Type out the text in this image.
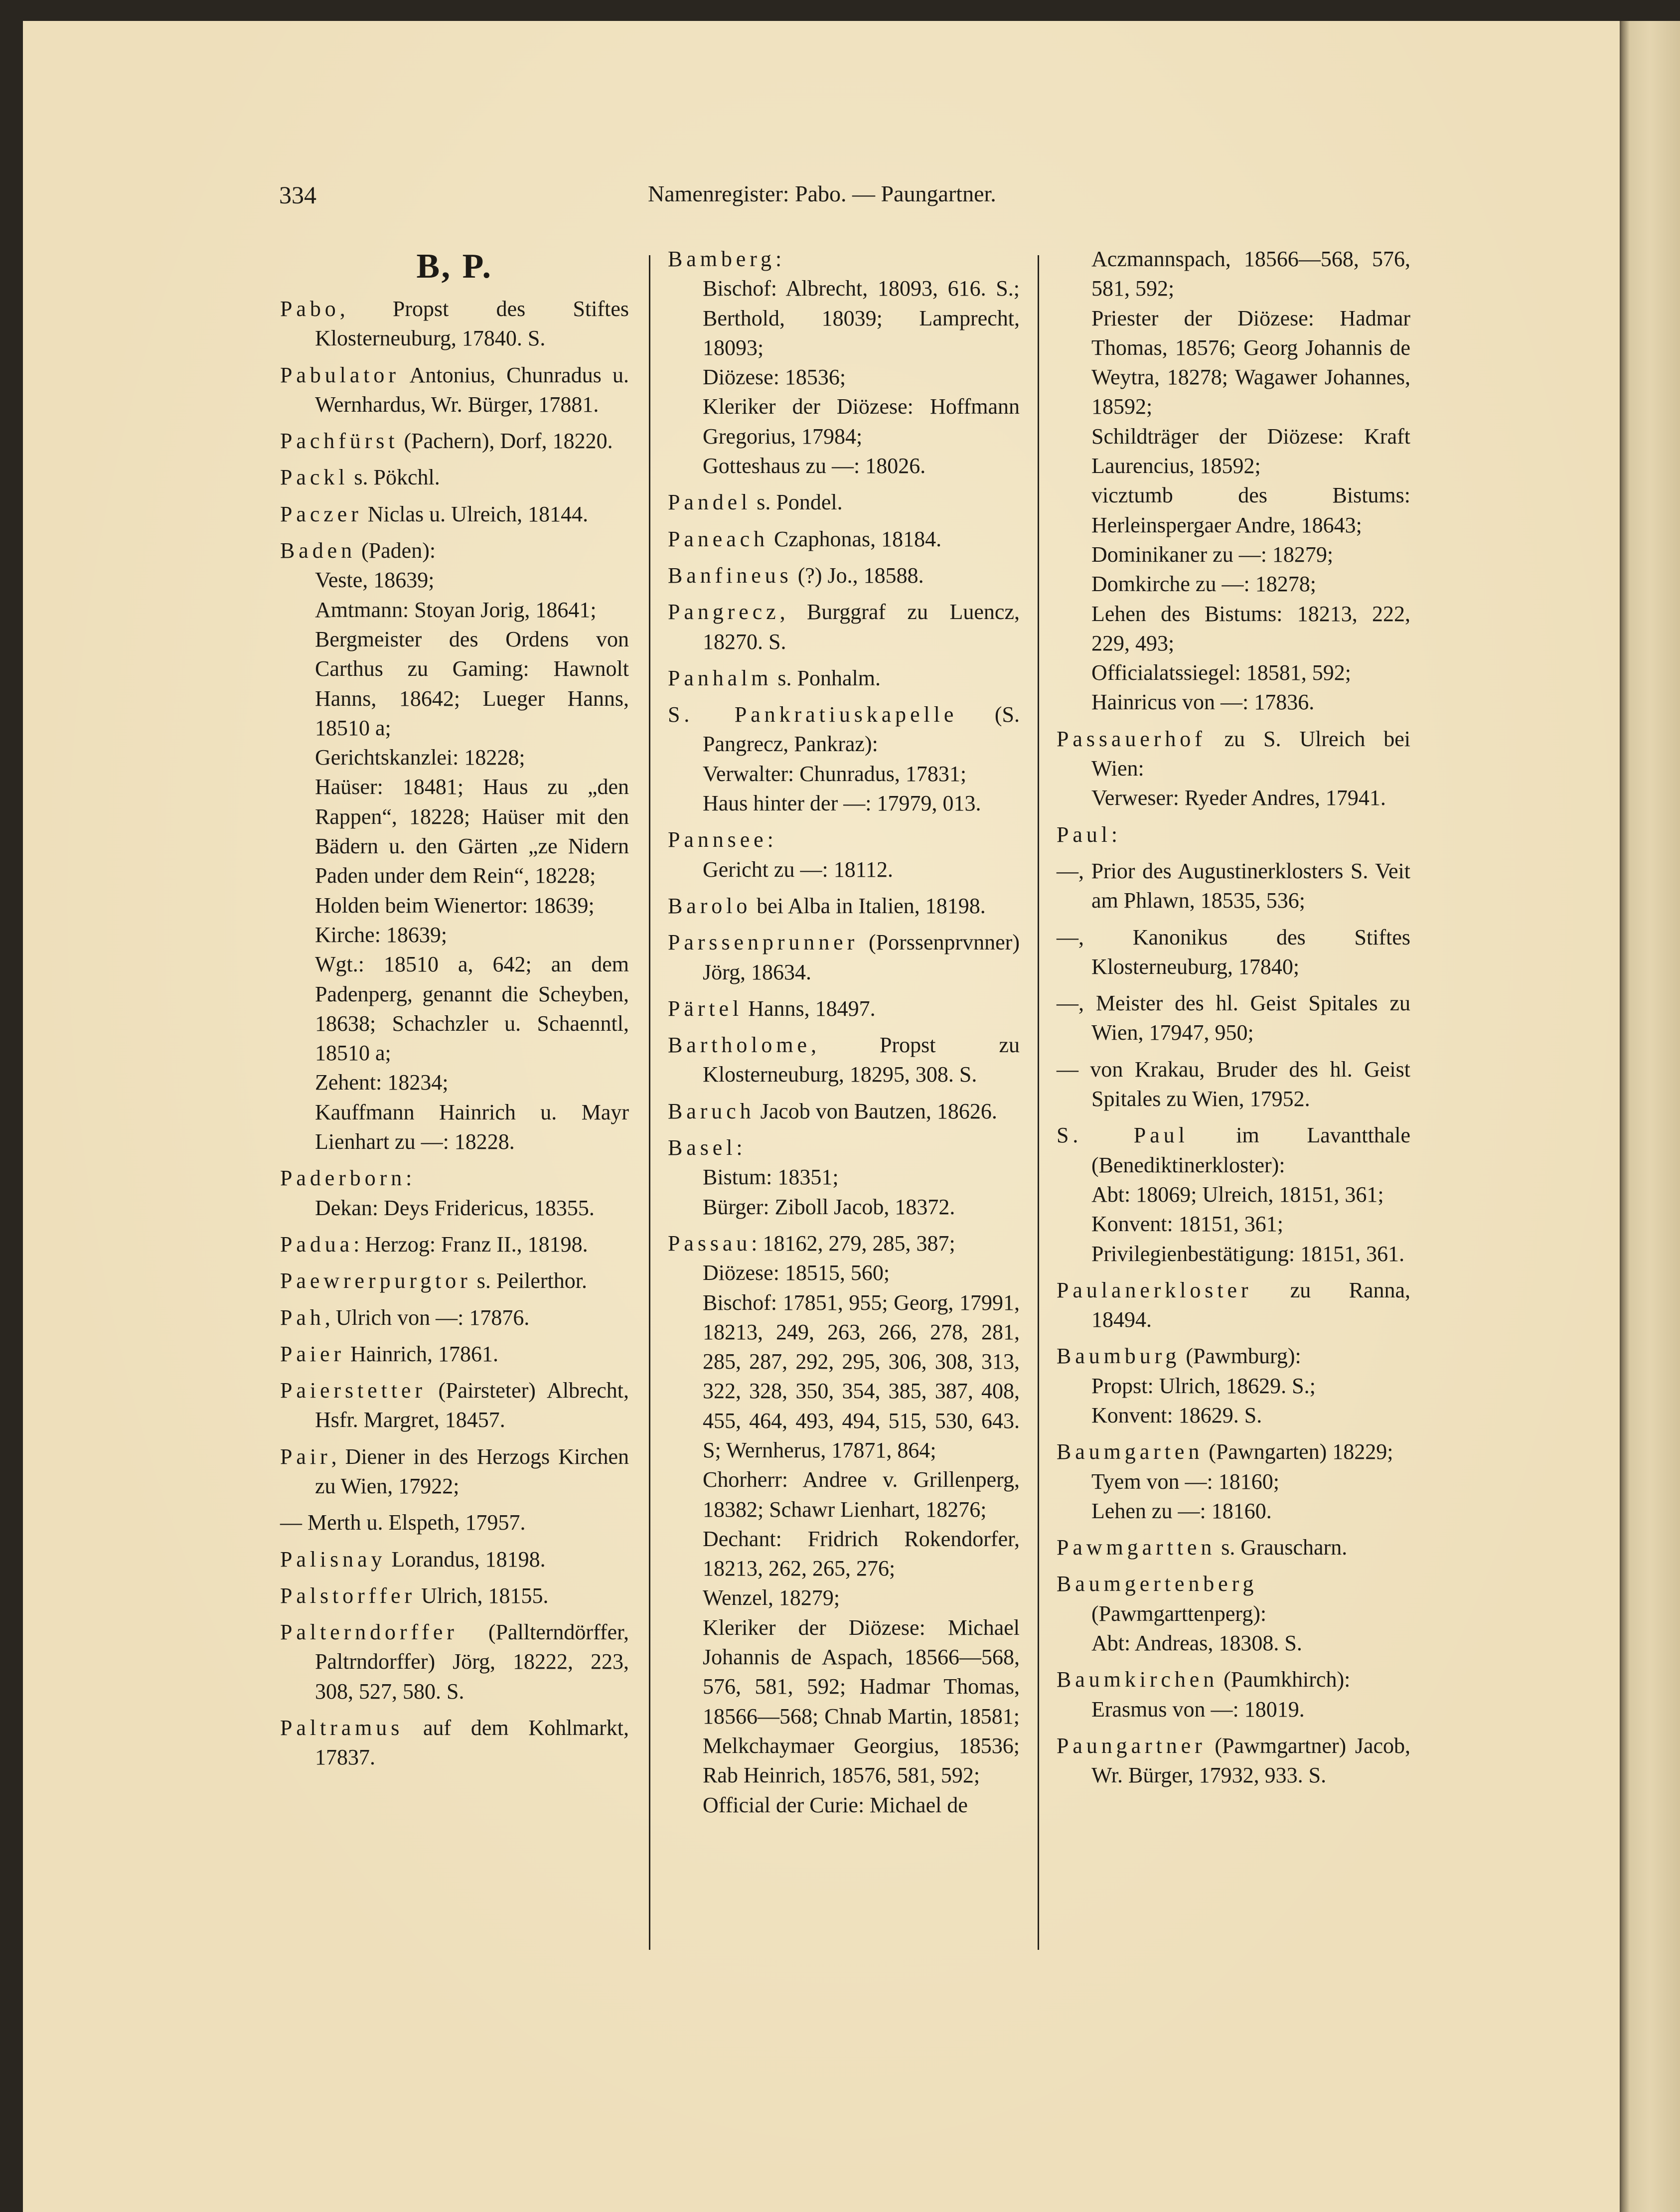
334	Namenregister: Pabo. — Paungartner.
B, P.
Pabo, Propst des Stiftes Klosterneuburg, 17840. S.
Pabulator Antonius, Chunradus u. Wernhardus, Wr. Bürger, 17881.
Pachfürst (Pachern), Dorf, 18220.
Packl s. Pökchl.
Paczer Niclas u. Ulreich, 18144.
Baden (Paden):
Veste, 18639;
Amtmann: Stoyan Jorig, 18641;
Bergmeister des Ordens von Carthus zu Gaming: Hawnolt Hanns, 18642; Lueger Hanns, 18510 a;
Gerichtskanzlei: 18228;
Haüser: 18481; Haus zu „den Rappen“, 18228; Haüser mit den Bädern u. den Gärten „ze Nidern Paden under dem Rein“, 18228;
Holden beim Wienertor: 18639;
Kirche: 18639;
Wgt.: 18510 a, 642; an dem Padenperg, genannt die Scheyben, 18638; Schachzler u. Schaenntl, 18510 a;
Zehent: 18234;
Kauffmann Hainrich u. Mayr Lienhart zu —: 18228.
Paderborn:
Dekan: Deys Fridericus, 18355.
Padua: Herzog: Franz II., 18198.
Paewrerpurgtor s. Peilerthor.
Pah, Ulrich von —: 17876.
Paier Hainrich, 17861.
Paierstetter (Pairsteter) Albrecht, Hsfr. Margret, 18457.
Pair, Diener in des Herzogs Kirchen zu Wien, 17922;
— Merth u. Elspeth, 17957.
Palisnay Lorandus, 18198.
Palstorffer Ulrich, 18155.
Palterndorffer (Pallterndörffer, Paltrndorffer) Jörg, 18222, 223, 308, 527, 580. S.
Paltramus auf dem Kohlmarkt, 17837.
Bamberg:
Bischof: Albrecht, 18093, 616. S.; Berthold, 18039; Lamprecht, 18093;
Diözese: 18536;
Kleriker der Diözese: Hoffmann Gregorius, 17984;
Gotteshaus zu —: 18026.
Pandel s. Pondel.
Paneach Czaphonas, 18184.
Banfineus (?) Jo., 18588.
Pangrecz, Burggraf zu Luencz, 18270. S.
Panhalm s. Ponhalm.
S. Pankratiuskapelle (S. Pangrecz, Pankraz):
Verwalter: Chunradus, 17831;
Haus hinter der —: 17979, 013.
Pannsee:
Gericht zu —: 18112.
Barolo bei Alba in Italien, 18198.
Parssenprunner (Porssenprvnner) Jörg, 18634.
Pärtel Hanns, 18497.
Bartholome, Propst zu Klosterneuburg, 18295, 308. S.
Baruch Jacob von Bautzen, 18626.
Basel:
Bistum: 18351;
Bürger: Ziboll Jacob, 18372.
Passau: 18162, 279, 285, 387;
Diözese: 18515, 560;
Bischof: 17851, 955; Georg, 17991, 18213, 249, 263, 266, 278, 281, 285, 287, 292, 295, 306, 308, 313, 322, 328, 350, 354, 385, 387, 408, 455, 464, 493, 494, 515, 530, 643. S; Wernherus, 17871, 864;
Chorherr: Andree v. Grillenperg, 18382; Schawr Lienhart, 18276;
Dechant: Fridrich Rokendorfer, 18213, 262, 265, 276;
Wenzel, 18279;
Kleriker der Diözese: Michael Johannis de Aspach, 18566—568, 576, 581, 592; Hadmar Thomas, 18566—568; Chnab Martin, 18581; Melkchaymaer Georgius, 18536; Rab Heinrich, 18576, 581, 592;
Official der Curie: Michael de
Aczmannspach, 18566—568, 576, 581, 592;
Priester der Diözese: Hadmar Thomas, 18576; Georg Johannis de Weytra, 18278; Wagawer Johannes, 18592;
Schildträger der Diözese: Kraft Laurencius, 18592;
vicztumb des Bistums: Herleinspergaer Andre, 18643;
Dominikaner zu —: 18279;
Domkirche zu —: 18278;
Lehen des Bistums: 18213, 222, 229, 493;
Officialatssiegel: 18581, 592;
Hainricus von —: 17836.
Passauerhof zu S. Ulreich bei Wien:
Verweser: Ryeder Andres, 17941.
Paul:
—, Prior des Augustinerklosters S. Veit am Phlawn, 18535, 536;
—, Kanonikus des Stiftes Klosterneuburg, 17840;
—, Meister des hl. Geist Spitales zu Wien, 17947, 950;
— von Krakau, Bruder des hl. Geist Spitales zu Wien, 17952.
S. Paul im Lavantthale (Benediktinerkloster):
Abt: 18069; Ulreich, 18151, 361;
Konvent: 18151, 361;
Privilegienbestätigung: 18151, 361.
Paulanerkloster zu Ranna, 18494.
Baumburg (Pawmburg):
Propst: Ulrich, 18629. S.;
Konvent: 18629. S.
Baumgarten (Pawngarten) 18229;
Tyem von —: 18160;
Lehen zu —: 18160.
Pawmgartten s. Grauscharn.
Baumgertenberg (Pawmgarttenperg):
Abt: Andreas, 18308. S.
Baumkirchen (Paumkhirch):
Erasmus von —: 18019.
Paungartner (Pawmgartner) Jacob, Wr. Bürger, 17932, 933. S.
